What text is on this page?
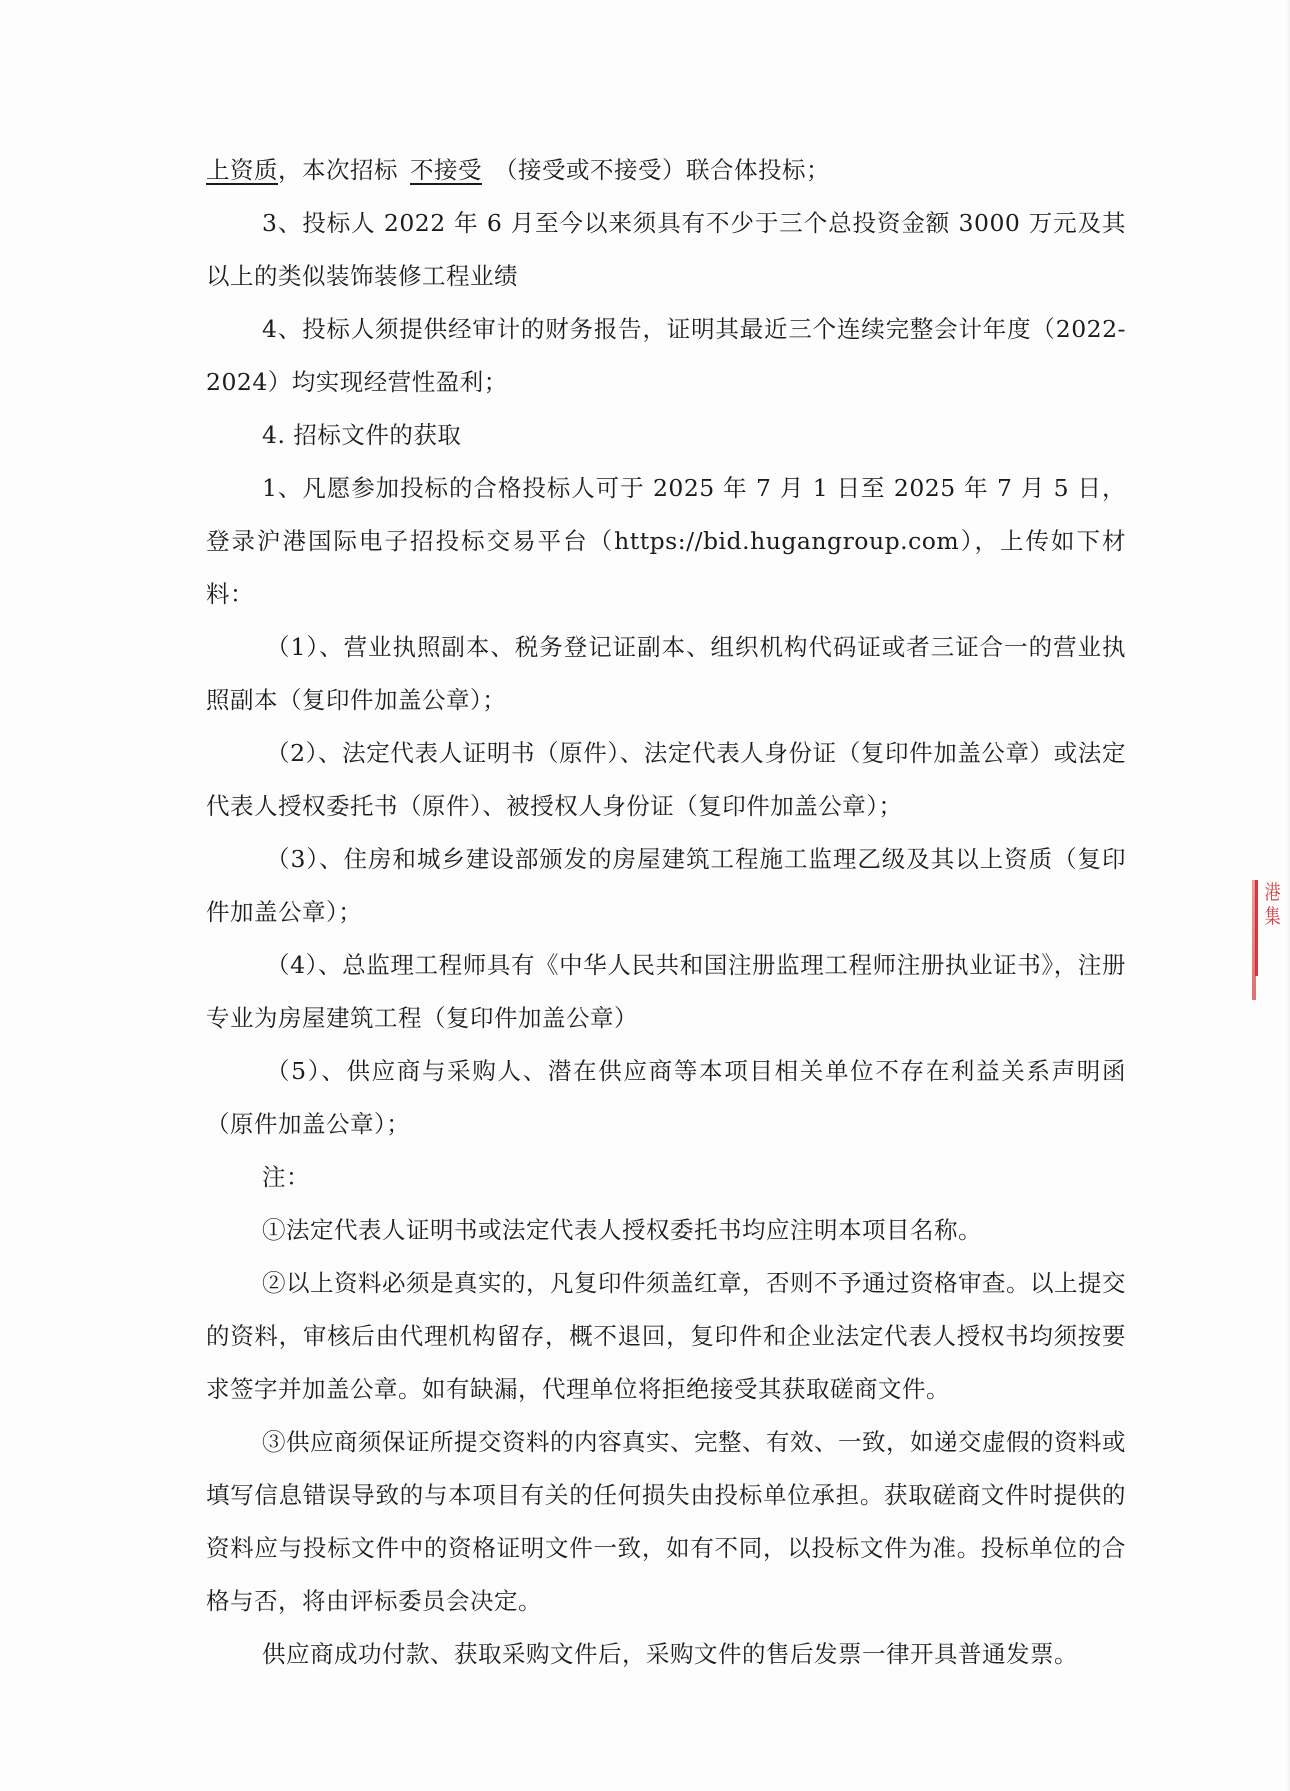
上资质，本次招标 不接受 （接受或不接受）联合体投标；

3、投标人 2022 年 6 月至今以来须具有不少于三个总投资金额 3000 万元及其以上的类似装饰装修工程业绩

4、投标人须提供经审计的财务报告，证明其最近三个连续完整会计年度（2022-2024）均实现经营性盈利；

4. 招标文件的获取

1、凡愿参加投标的合格投标人可于 2025 年 7 月 1 日至 2025 年 7 月 5 日，登录沪港国际电子招投标交易平台（https://bid.hugangroup.com），上传如下材料：

（1）、营业执照副本、税务登记证副本、组织机构代码证或者三证合一的营业执照副本（复印件加盖公章）；

（2）、法定代表人证明书（原件）、法定代表人身份证（复印件加盖公章）或法定代表人授权委托书（原件）、被授权人身份证（复印件加盖公章）；

（3）、住房和城乡建设部颁发的房屋建筑工程施工监理乙级及其以上资质（复印件加盖公章）；

（4）、总监理工程师具有《中华人民共和国注册监理工程师注册执业证书》，注册专业为房屋建筑工程（复印件加盖公章）

（5）、供应商与采购人、潜在供应商等本项目相关单位不存在利益关系声明函（原件加盖公章）；

注：

①法定代表人证明书或法定代表人授权委托书均应注明本项目名称。

②以上资料必须是真实的，凡复印件须盖红章，否则不予通过资格审查。以上提交的资料，审核后由代理机构留存，概不退回，复印件和企业法定代表人授权书均须按要求签字并加盖公章。如有缺漏，代理单位将拒绝接受其获取磋商文件。

③供应商须保证所提交资料的内容真实、完整、有效、一致，如递交虚假的资料或填写信息错误导致的与本项目有关的任何损失由投标单位承担。获取磋商文件时提供的资料应与投标文件中的资格证明文件一致，如有不同，以投标文件为准。投标单位的合格与否，将由评标委员会决定。

供应商成功付款、获取采购文件后，采购文件的售后发票一律开具普通发票。

港
集
